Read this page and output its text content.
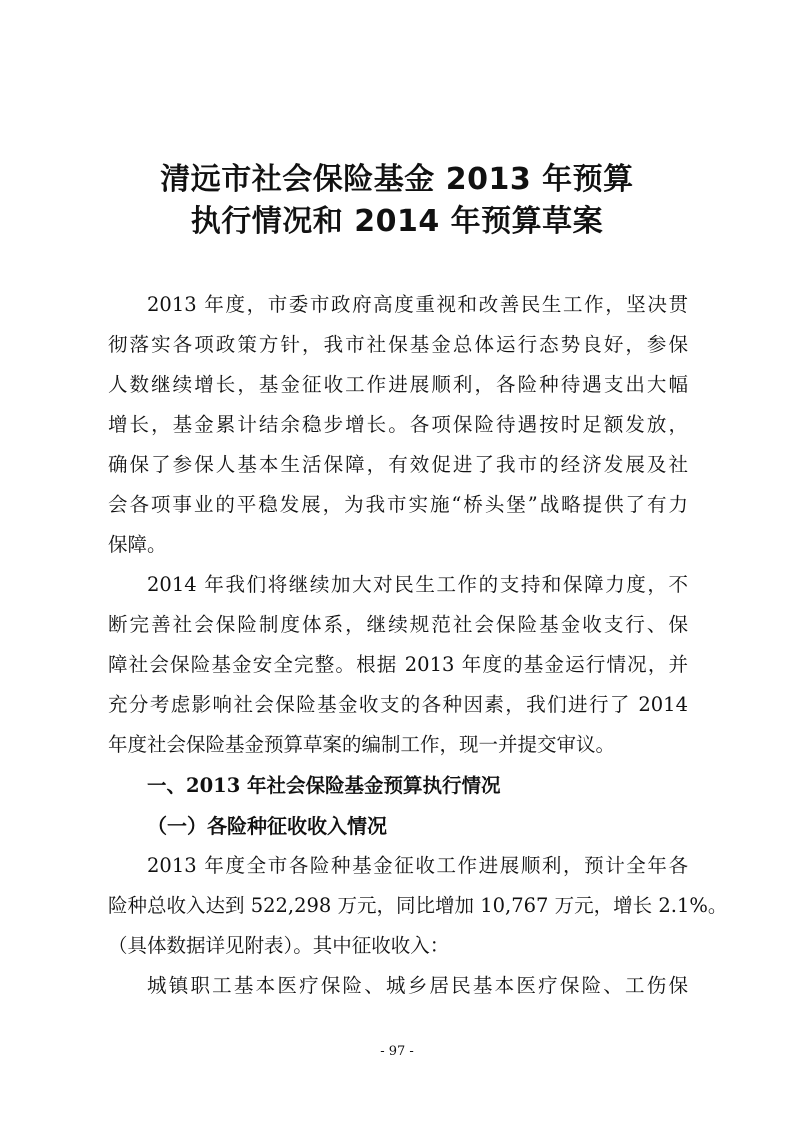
清远市社会保险基金 2013 年预算
执行情况和 2014 年预算草案
2013 年度，市委市政府高度重视和改善民生工作，坚决贯
彻落实各项政策方针，我市社保基金总体运行态势良好，参保
人数继续增长，基金征收工作进展顺利，各险种待遇支出大幅
增长，基金累计结余稳步增长。各项保险待遇按时足额发放，
确保了参保人基本生活保障，有效促进了我市的经济发展及社
会各项事业的平稳发展，为我市实施“桥头堡”战略提供了有力
保障。
2014 年我们将继续加大对民生工作的支持和保障力度，不
断完善社会保险制度体系，继续规范社会保险基金收支行、保
障社会保险基金安全完整。根据 2013 年度的基金运行情况，并
充分考虑影响社会保险基金收支的各种因素，我们进行了 2014
年度社会保险基金预算草案的编制工作，现一并提交审议。
一、2013 年社会保险基金预算执行情况
（一）各险种征收收入情况
2013 年度全市各险种基金征收工作进展顺利，预计全年各
险种总收入达到 522,298 万元，同比增加 10,767 万元，增长 2.1%。
（具体数据详见附表）。其中征收收入：
城镇职工基本医疗保险、城乡居民基本医疗保险、工伤保
- 97 -
